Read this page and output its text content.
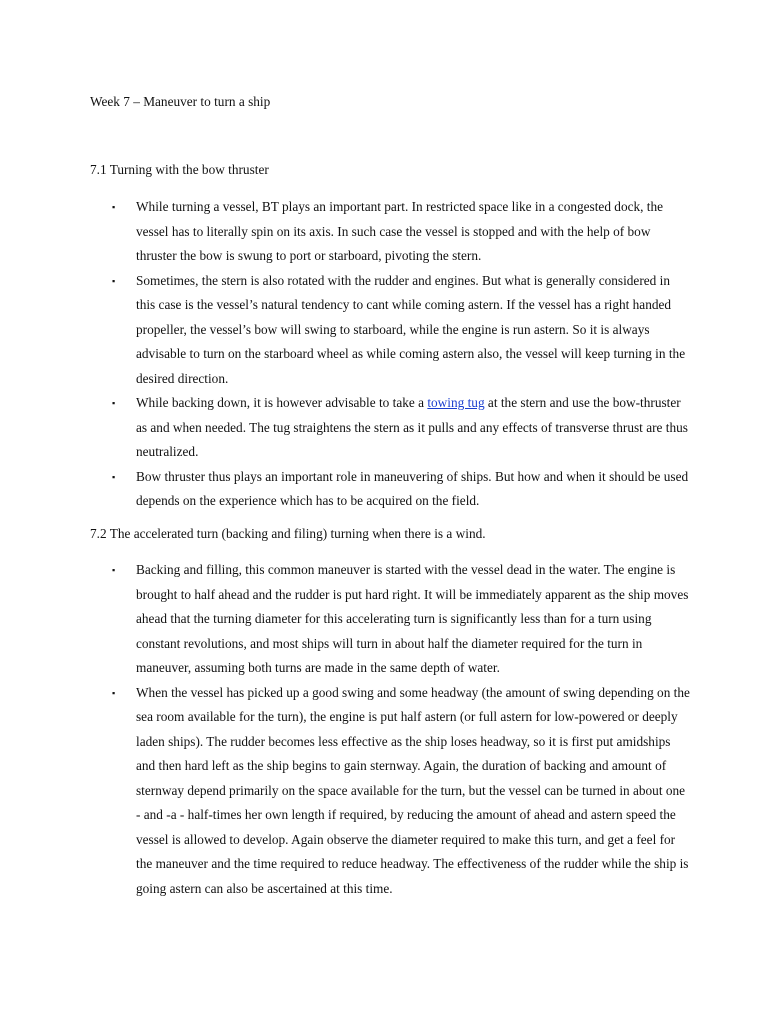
Week 7 – Maneuver to turn a ship
7.1 Turning with the bow thruster
▪ While turning a vessel, BT plays an important part. In restricted space like in a congested dock, the vessel has to literally spin on its axis. In such case the vessel is stopped and with the help of bow thruster the bow is swung to port or starboard, pivoting the stern.
▪ Sometimes, the stern is also rotated with the rudder and engines. But what is generally considered in this case is the vessel’s natural tendency to cant while coming astern. If the vessel has a right handed propeller, the vessel’s bow will swing to starboard, while the engine is run astern. So it is always advisable to turn on the starboard wheel as while coming astern also, the vessel will keep turning in the desired direction.
▪ While backing down, it is however advisable to take a towing tug at the stern and use the bow-thruster as and when needed. The tug straightens the stern as it pulls and any effects of transverse thrust are thus neutralized.
▪ Bow thruster thus plays an important role in maneuvering of ships. But how and when it should be used depends on the experience which has to be acquired on the field.
7.2 The accelerated turn (backing and filing) turning when there is a wind.
▪ Backing and filling, this common maneuver is started with the vessel dead in the water. The engine is brought to half ahead and the rudder is put hard right. It will be immediately apparent as the ship moves ahead that the turning diameter for this accelerating turn is significantly less than for a turn using constant revolutions, and most ships will turn in about half the diameter required for the turn in maneuver, assuming both turns are made in the same depth of water.
▪ When the vessel has picked up a good swing and some headway (the amount of swing depending on the sea room available for the turn), the engine is put half astern (or full astern for low-powered or deeply laden ships). The rudder becomes less effective as the ship loses headway, so it is first put amidships and then hard left as the ship begins to gain sternway. Again, the duration of backing and amount of sternway depend primarily on the space available for the turn, but the vessel can be turned in about one - and -a - half-times her own length if required, by reducing the amount of ahead and astern speed the vessel is allowed to develop. Again observe the diameter required to make this turn, and get a feel for the maneuver and the time required to reduce headway. The effectiveness of the rudder while the ship is going astern can also be ascertained at this time.
